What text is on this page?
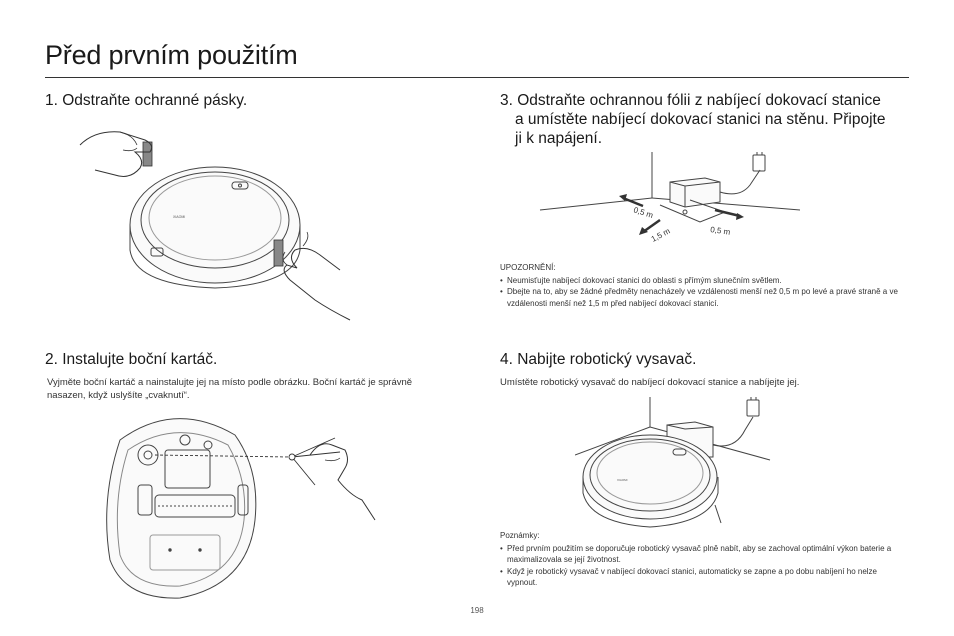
Před prvním použitím
1. Odstraňte ochranné pásky.
XIAOMI
2. Instalujte boční kartáč.

Vyjměte boční kartáč a nainstalujte jej na místo podle obrázku. Boční kartáč je správně nasazen, když uslyšíte „cvaknutí“.

3. Odstraňte ochrannou fólii z nabíjecí dokovací stanice
a umístěte nabíjecí dokovací stanici na stěnu. Připojte
ji k napájení.
0,5 m
0,5 m
1,5 m
UPOZORNĚNÍ:
• Neumisťujte nabíjecí dokovací stanici do oblasti s přímým slunečním světlem.
• Dbejte na to, aby se žádné předměty nenacházely ve vzdálenosti menší než 0,5 m po levé a pravé straně a ve vzdálenosti menší než 1,5 m před nabíjecí dokovací stanicí.
4. Nabijte robotický vysavač.

Umístěte robotický vysavač do nabíjecí dokovací stanice a nabíjejte jej.

XIAOMI
Poznámky:
• Před prvním použitím se doporučuje robotický vysavač plně nabít, aby se zachoval optimální výkon baterie a maximalizovala se její životnost.
• Když je robotický vysavač v nabíjecí dokovací stanici, automaticky se zapne a po dobu nabíjení ho nelze vypnout.
198
